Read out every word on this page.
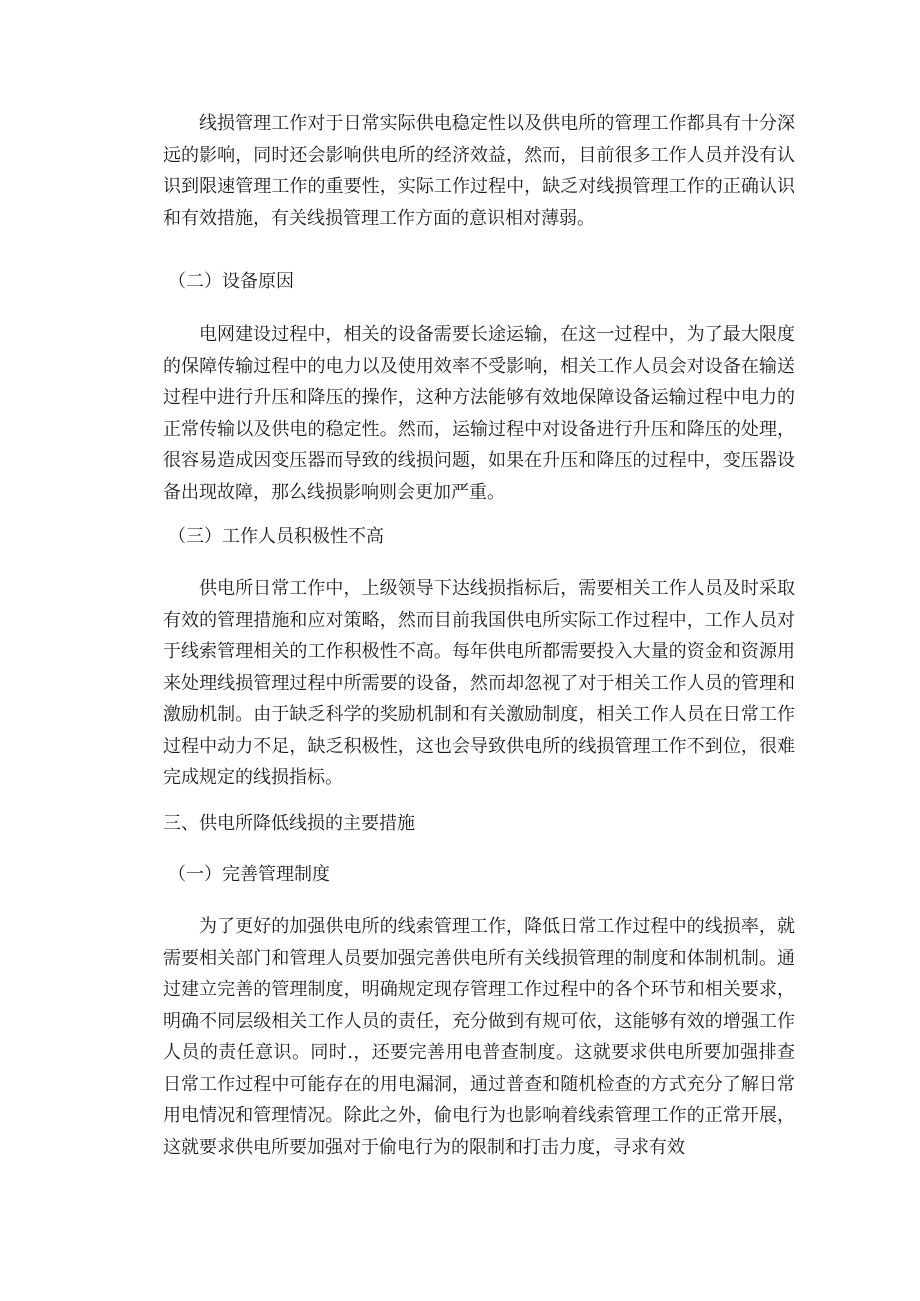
线损管理工作对于日常实际供电稳定性以及供电所的管理工作都具有十分深远的影响，同时还会影响供电所的经济效益，然而，目前很多工作人员并没有认识到限速管理工作的重要性，实际工作过程中，缺乏对线损管理工作的正确认识和有效措施，有关线损管理工作方面的意识相对薄弱。

（二）设备原因

电网建设过程中，相关的设备需要长途运输，在这一过程中，为了最大限度的保障传输过程中的电力以及使用效率不受影响，相关工作人员会对设备在输送过程中进行升压和降压的操作，这种方法能够有效地保障设备运输过程中电力的正常传输以及供电的稳定性。然而，运输过程中对设备进行升压和降压的处理，很容易造成因变压器而导致的线损问题，如果在升压和降压的过程中，变压器设备出现故障，那么线损影响则会更加严重。

（三）工作人员积极性不高

供电所日常工作中，上级领导下达线损指标后，需要相关工作人员及时采取有效的管理措施和应对策略，然而目前我国供电所实际工作过程中，工作人员对于线索管理相关的工作积极性不高。每年供电所都需要投入大量的资金和资源用来处理线损管理过程中所需要的设备，然而却忽视了对于相关工作人员的管理和激励机制。由于缺乏科学的奖励机制和有关激励制度，相关工作人员在日常工作过程中动力不足，缺乏积极性，这也会导致供电所的线损管理工作不到位，很难完成规定的线损指标。

三、供电所降低线损的主要措施

（一）完善管理制度

为了更好的加强供电所的线索管理工作，降低日常工作过程中的线损率，就需要相关部门和管理人员要加强完善供电所有关线损管理的制度和体制机制。通过建立完善的管理制度，明确规定现存管理工作过程中的各个环节和相关要求，明确不同层级相关工作人员的责任，充分做到有规可依，这能够有效的增强工作人员的责任意识。同时.，还要完善用电普查制度。这就要求供电所要加强排查日常工作过程中可能存在的用电漏洞，通过普查和随机检查的方式充分了解日常用电情况和管理情况。除此之外，偷电行为也影响着线索管理工作的正常开展，这就要求供电所要加强对于偷电行为的限制和打击力度，寻求有效
